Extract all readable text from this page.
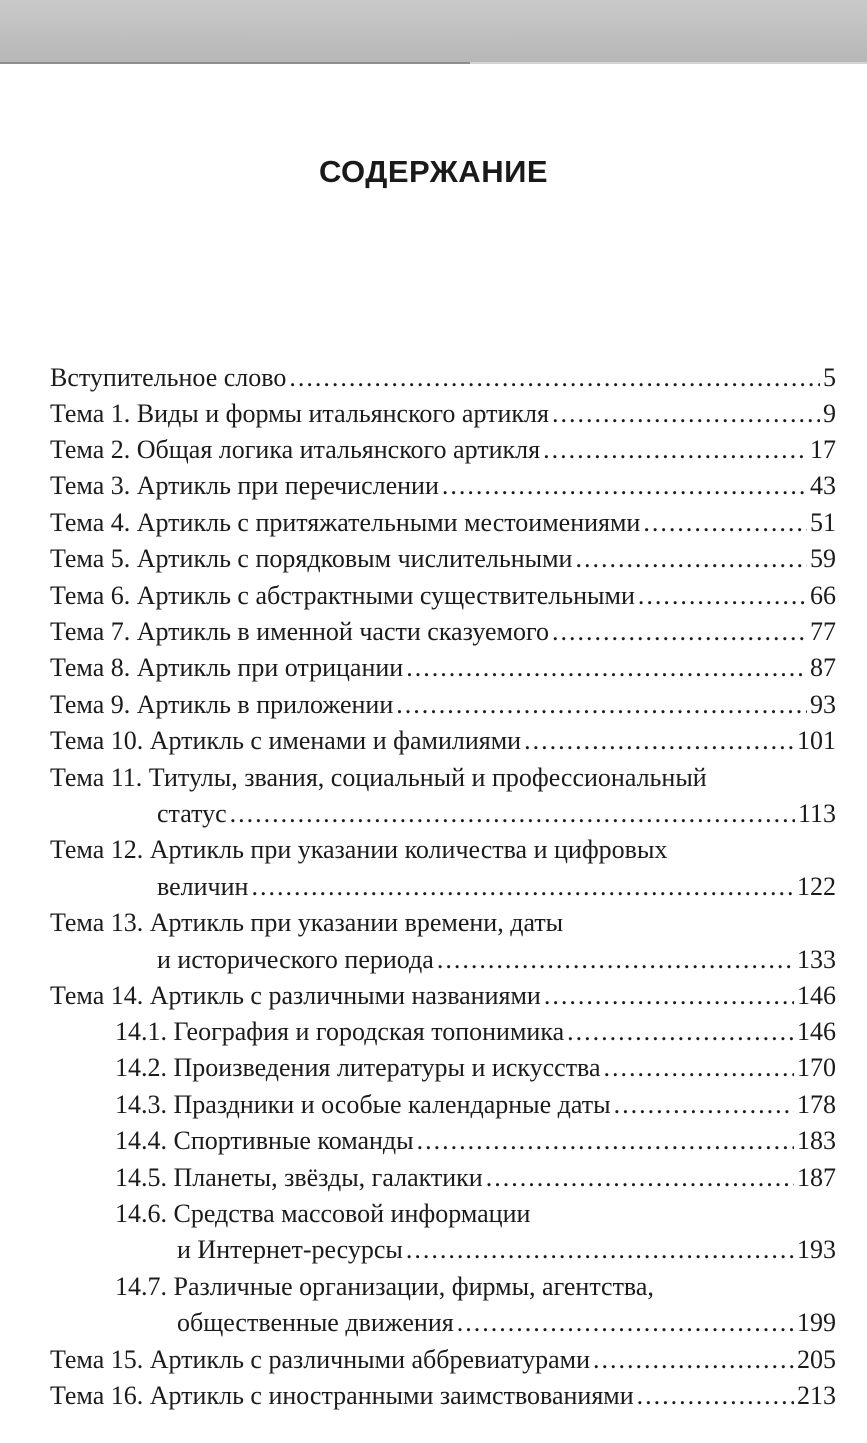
СОДЕРЖАНИЕ
Вступительное слово .....	5
Тема 1. Виды и формы итальянского артикля .....	9
Тема 2. Общая логика итальянского артикля .....	17
Тема 3. Артикль при перечислении .....	43
Тема 4. Артикль с притяжательными местоимениями .....	51
Тема 5. Артикль с порядковым числительными .....	59
Тема 6. Артикль с абстрактными существительными .....	66
Тема 7. Артикль в именной части сказуемого .....	77
Тема 8. Артикль при отрицании .....	87
Тема 9. Артикль в приложении .....	93
Тема 10. Артикль с именами и фамилиями .....	101
Тема 11. Титулы, звания, социальный и профессиональный
статус .....	113
Тема 12. Артикль при указании количества и цифровых
величин .....	122
Тема 13. Артикль при указании времени, даты
и исторического периода .....	133
Тема 14. Артикль с различными названиями .....	146
14.1. География и городская топонимика .....	146
14.2. Произведения литературы и искусства .....	170
14.3. Праздники и особые календарные даты .....	178
14.4. Спортивные команды .....	183
14.5. Планеты, звёзды, галактики .....	187
14.6. Средства массовой информации
и Интернет-ресурсы .....	193
14.7. Различные организации, фирмы, агентства,
общественные движения .....	199
Тема 15. Артикль с различными аббревиатурами .....	205
Тема 16. Артикль с иностранными заимствованиями .....	213
